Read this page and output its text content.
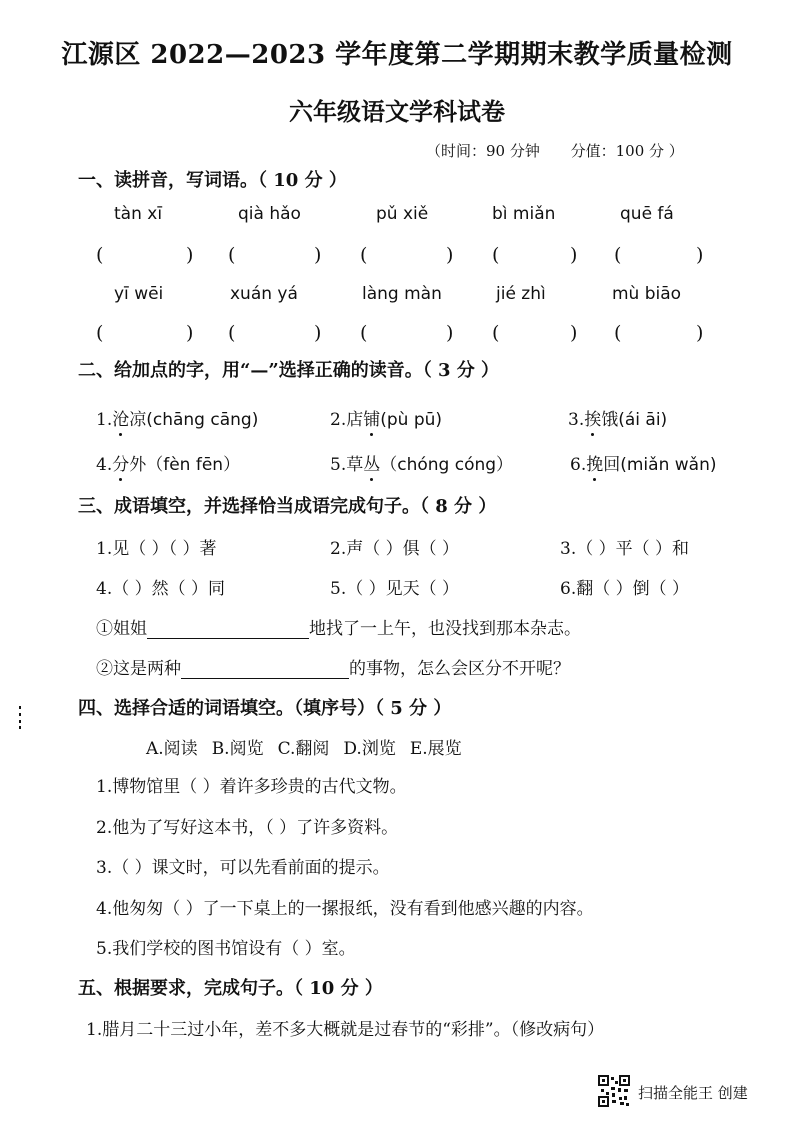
江源区 2022—2023 学年度第二学期期末教学质量检测
六年级语文学科试卷
（时间：90 分钟 分值：100 分 ）
一、读拼音，写词语。（ 10 分 ）
tàn xī	qià hǎo	pǔ xiě	bì miǎn	quē fá
(	) (	) (	) (	) (	)
yī wēi	xuán yá	làng màn	jié zhì	mù biāo
(	) (	) (	) (	) (	)
二、给加点的字，用“—”选择正确的读音。（ 3 分 ）
1.沧凉(chāng cāng)	2.店铺(pù pū)	3.挨饿(ái āi)
4.分外（fèn fēn）	5.草丛（chóng cóng）	6.挽回(miǎn wǎn)
三、成语填空，并选择恰当成语完成句子。（ 8 分 ）
1.见（ ）（ ）著	2.声（ ）俱（ ）	3.（ ）平（ ）和
4.（ ）然（ ）同	5.（ ）见天（ ）	6.翻（ ）倒（ ）
①姐姐	地找了一上午，也没找到那本杂志。
②这是两种	的事物，怎么会区分不开呢？
四、选择合适的词语填空。（填序号）（ 5 分 ）
A.阅读 B.阅览 C.翻阅 D.浏览 E.展览
1.博物馆里（ ）着许多珍贵的古代文物。
2.他为了写好这本书，（ ）了许多资料。
3.（ ）课文时，可以先看前面的提示。
4.他匆匆（ ）了一下桌上的一摞报纸，没有看到他感兴趣的内容。
5.我们学校的图书馆设有（ ）室。
五、根据要求，完成句子。（ 10 分 ）
1.腊月二十三过小年，差不多大概就是过春节的“彩排”。（修改病句）
扫描全能王 创建
